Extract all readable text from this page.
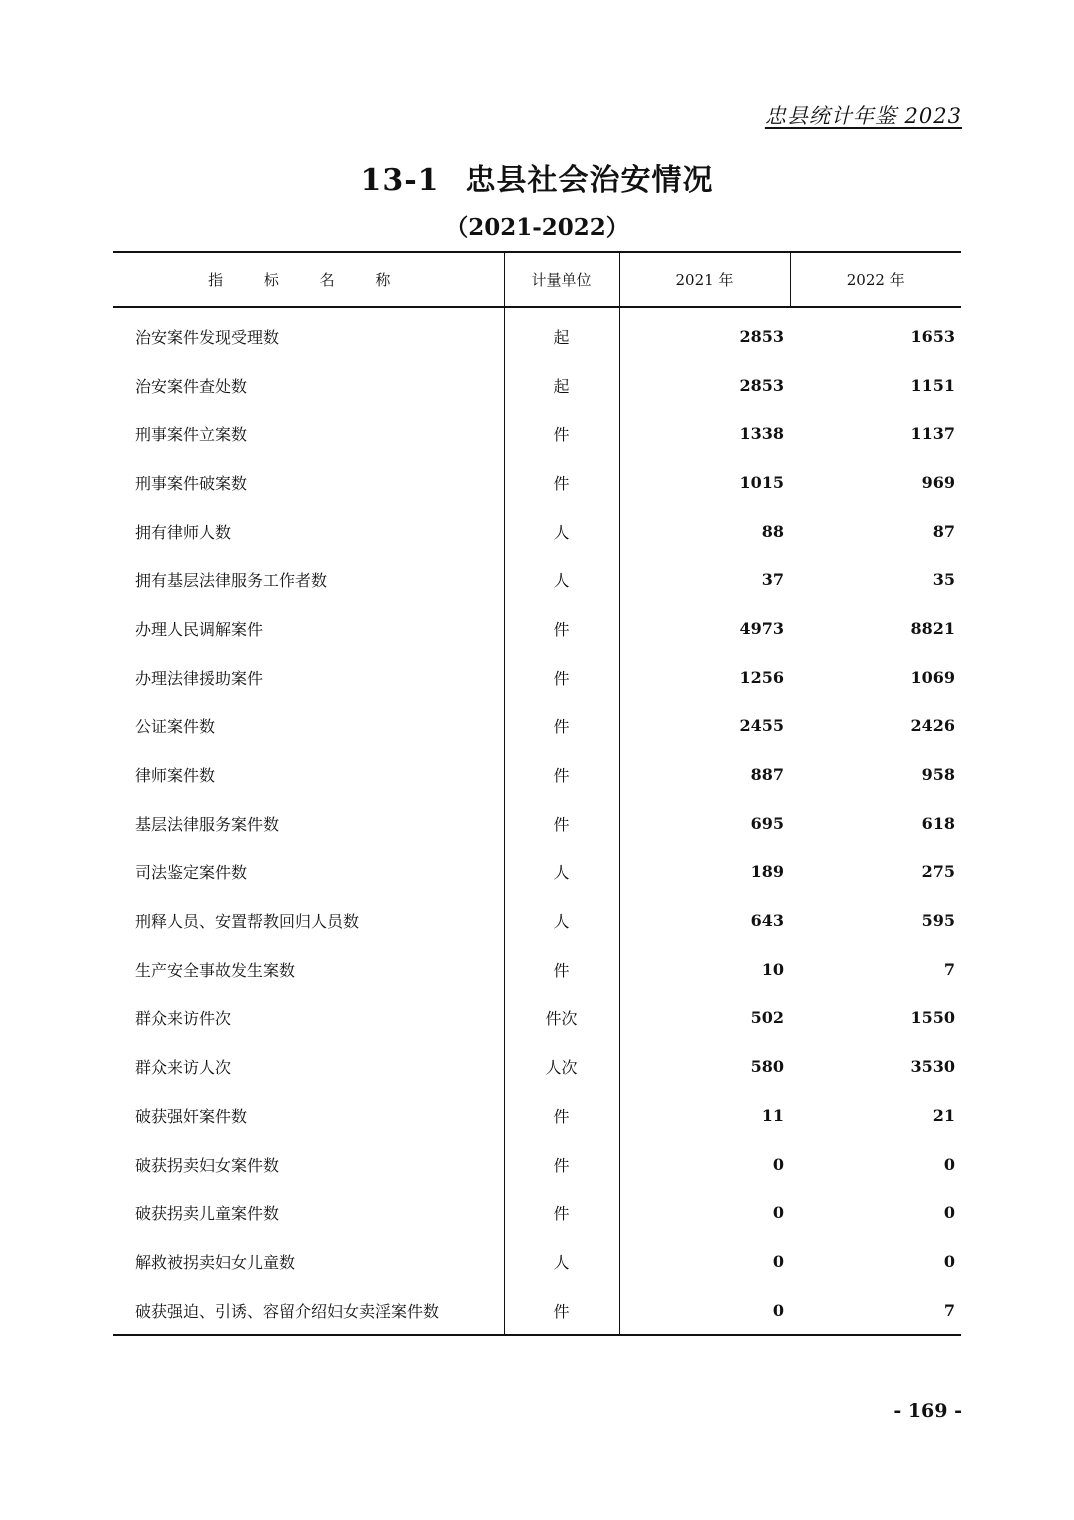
忠县统计年鉴 2023
13-1 忠县社会治安情况
（2021-2022）
指 标 名 称	计量单位	2021 年	2022 年
治安案件发现受理数	起	2853	1653
治安案件查处数	起	2853	1151
刑事案件立案数	件	1338	1137
刑事案件破案数	件	1015	969
拥有律师人数	人	88	87
拥有基层法律服务工作者数	人	37	35
办理人民调解案件	件	4973	8821
办理法律援助案件	件	1256	1069
公证案件数	件	2455	2426
律师案件数	件	887	958
基层法律服务案件数	件	695	618
司法鉴定案件数	人	189	275
刑释人员、安置帮教回归人员数	人	643	595
生产安全事故发生案数	件	10	7
群众来访件次	件次	502	1550
群众来访人次	人次	580	3530
破获强奸案件数	件	11	21
破获拐卖妇女案件数	件	0	0
破获拐卖儿童案件数	件	0	0
解救被拐卖妇女儿童数	人	0	0
破获强迫、引诱、容留介绍妇女卖淫案件数	件	0	7
- 169 -
